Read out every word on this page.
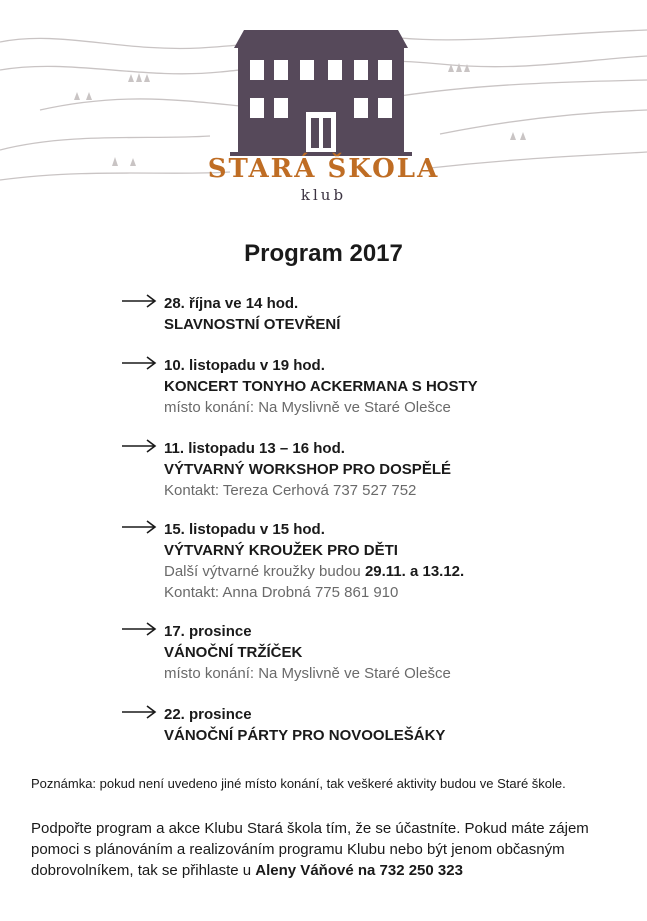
STARÁ ŠKOLA
klub
Program 2017
28. října ve 14 hod.
SLAVNOSTNÍ OTEVŘENÍ
10. listopadu v 19 hod.
KONCERT TONYHO ACKERMANA S HOSTY
místo konání: Na Myslivně ve Staré Olešce
11. listopadu 13 – 16 hod.
VÝTVARNÝ WORKSHOP PRO DOSPĚLÉ
Kontakt: Tereza Cerhová 737 527 752
15. listopadu v 15 hod.
VÝTVARNÝ KROUŽEK PRO DĚTI
Další výtvarné kroužky budou 29.11. a 13.12.
Kontakt: Anna Drobná 775 861 910
17. prosince
VÁNOČNÍ TRŽÍČEK
místo konání: Na Myslivně ve Staré Olešce
22. prosince
VÁNOČNÍ PÁRTY PRO NOVOOLEŠÁKY
Poznámka: pokud není uvedeno jiné místo konání, tak veškeré aktivity budou ve Staré škole.
Podpořte program a akce Klubu Stará škola tím, že se účastníte. Pokud máte zájem
pomoci s plánováním a realizováním programu Klubu nebo být jenom občasným
dobrovolníkem, tak se přihlaste u Aleny Váňové na 732 250 323
